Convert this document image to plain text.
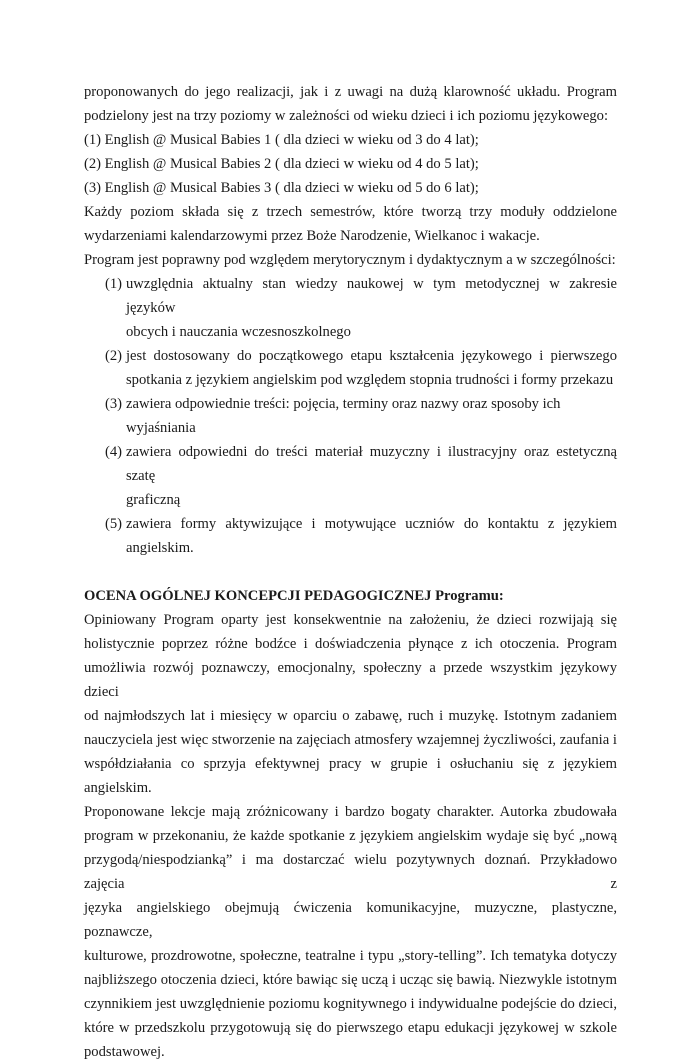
proponowanych do jego realizacji, jak i z uwagi na dużą klarowność układu. Program
podzielony jest na trzy poziomy w zależności od wieku dzieci i ich poziomu językowego:
(1) English @ Musical Babies 1 ( dla dzieci w wieku od 3 do 4 lat);
(2) English @ Musical Babies 2 ( dla dzieci w wieku od 4 do 5 lat);
(3) English @ Musical Babies 3 ( dla dzieci w wieku od 5 do 6 lat);
Każdy poziom składa się z trzech semestrów, które tworzą trzy moduły oddzielone
wydarzeniami kalendarzowymi przez Boże Narodzenie, Wielkanoc i wakacje.
Program jest poprawny pod względem merytorycznym i dydaktycznym a w szczególności:
(1) uwzględnia aktualny stan wiedzy naukowej w tym metodycznej w zakresie języków
obcych i nauczania wczesnoszkolnego
(2) jest dostosowany do początkowego etapu kształcenia językowego i pierwszego
spotkania z językiem angielskim pod względem stopnia trudności i formy przekazu
(3) zawiera odpowiednie treści: pojęcia, terminy oraz nazwy oraz sposoby ich wyjaśniania
(4) zawiera odpowiedni do treści materiał muzyczny i ilustracyjny oraz estetyczną szatę
graficzną
(5) zawiera formy aktywizujące i motywujące uczniów do kontaktu z językiem
angielskim.
OCENA OGÓLNEJ KONCEPCJI PEDAGOGICZNEJ Programu:
Opiniowany Program oparty jest konsekwentnie na założeniu, że dzieci rozwijają się
holistycznie poprzez różne bodźce i doświadczenia płynące z ich otoczenia. Program
umożliwia rozwój poznawczy, emocjonalny, społeczny a przede wszystkim językowy dzieci
od najmłodszych lat i miesięcy w oparciu o zabawę, ruch i muzykę. Istotnym zadaniem
nauczyciela jest więc stworzenie na zajęciach atmosfery wzajemnej życzliwości, zaufania i
współdziałania co sprzyja efektywnej pracy w grupie i osłuchaniu się z językiem angielskim.
Proponowane lekcje mają zróżnicowany i bardzo bogaty charakter. Autorka zbudowała
program w przekonaniu, że każde spotkanie z językiem angielskim wydaje się być „nową
przygodą/niespodzianką” i ma dostarczać wielu pozytywnych doznań. Przykładowo zajęcia z
języka angielskiego obejmują ćwiczenia komunikacyjne, muzyczne, plastyczne, poznawcze,
kulturowe, prozdrowotne, społeczne, teatralne i typu „story-telling”. Ich tematyka dotyczy
najbliższego otoczenia dzieci, które bawiąc się uczą i ucząc się bawią. Niezwykle istotnym
czynnikiem jest uwzględnienie poziomu kognitywnego i indywidualne podejście do dzieci,
które w przedszkolu przygotowują się do pierwszego etapu edukacji językowej w szkole
podstawowej.
